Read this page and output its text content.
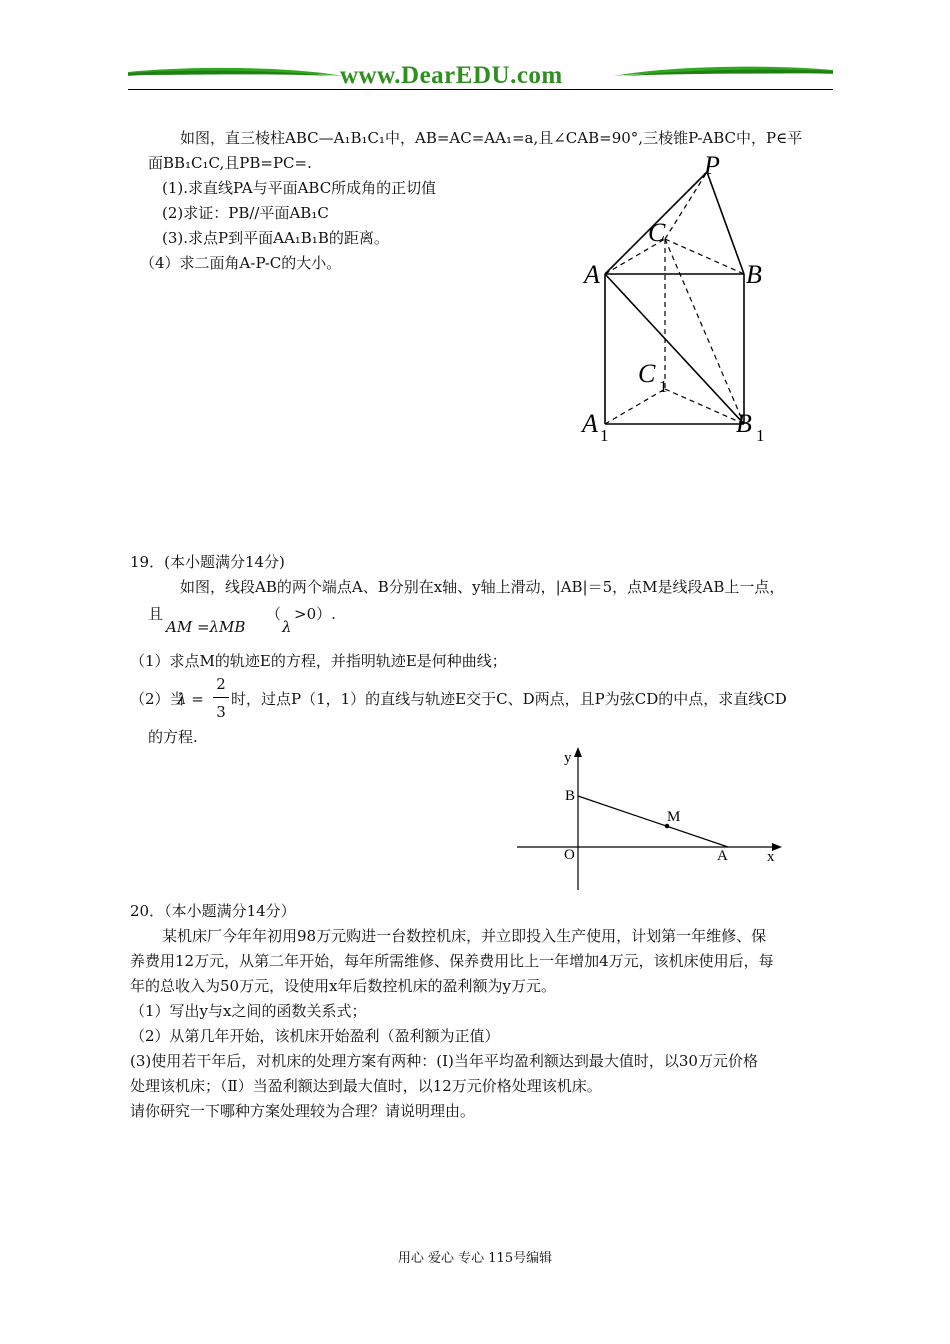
www.DearEDU.com
如图，直三棱柱ABC—A₁B₁C₁中，AB=AC=AA₁=a,且∠CAB=90°,三棱锥P-ABC中，P∈平
面BB₁C₁C,且PB=PC=.
(1).求直线PA与平面ABC所成角的正切值
(2)求证：PB//平面AB₁C
(3).求点P到平面AA₁B₁B的距离。
（4）求二面角A-P-C的大小。
P
C
A	B
C
A	B
1
1	1
19．(本小题满分14分)
如图，线段AB的两个端点A、B分别在x轴、y轴上滑动，|AB|＝5，点M是线段AB上一点，
且
AM =λMB
（
λ
>0）.
（1）求点M的轨迹E的方程，并指明轨迹E是何种曲线；
（2）当
λ =
2
3
时，过点P（1，1）的直线与轨迹E交于C、D两点，且P为弦CD的中点，求直线CD
的方程.
y
x
O	A
B
M
20．（本小题满分14分）
某机床厂今年年初用98万元购进一台数控机床，并立即投入生产使用，计划第一年维修、保
养费用12万元，从第二年开始，每年所需维修、保养费用比上一年增加4万元，该机床使用后，每
年的总收入为50万元，设使用x年后数控机床的盈利额为y万元。
（1）写出y与x之间的函数关系式；
（2）从第几年开始，该机床开始盈利（盈利额为正值）
(3)使用若干年后，对机床的处理方案有两种：(Ⅰ)当年平均盈利额达到最大值时，以30万元价格
处理该机床；（Ⅱ）当盈利额达到最大值时，以12万元价格处理该机床。
请你研究一下哪种方案处理较为合理？请说明理由。
用心 爱心 专心 115号编辑
